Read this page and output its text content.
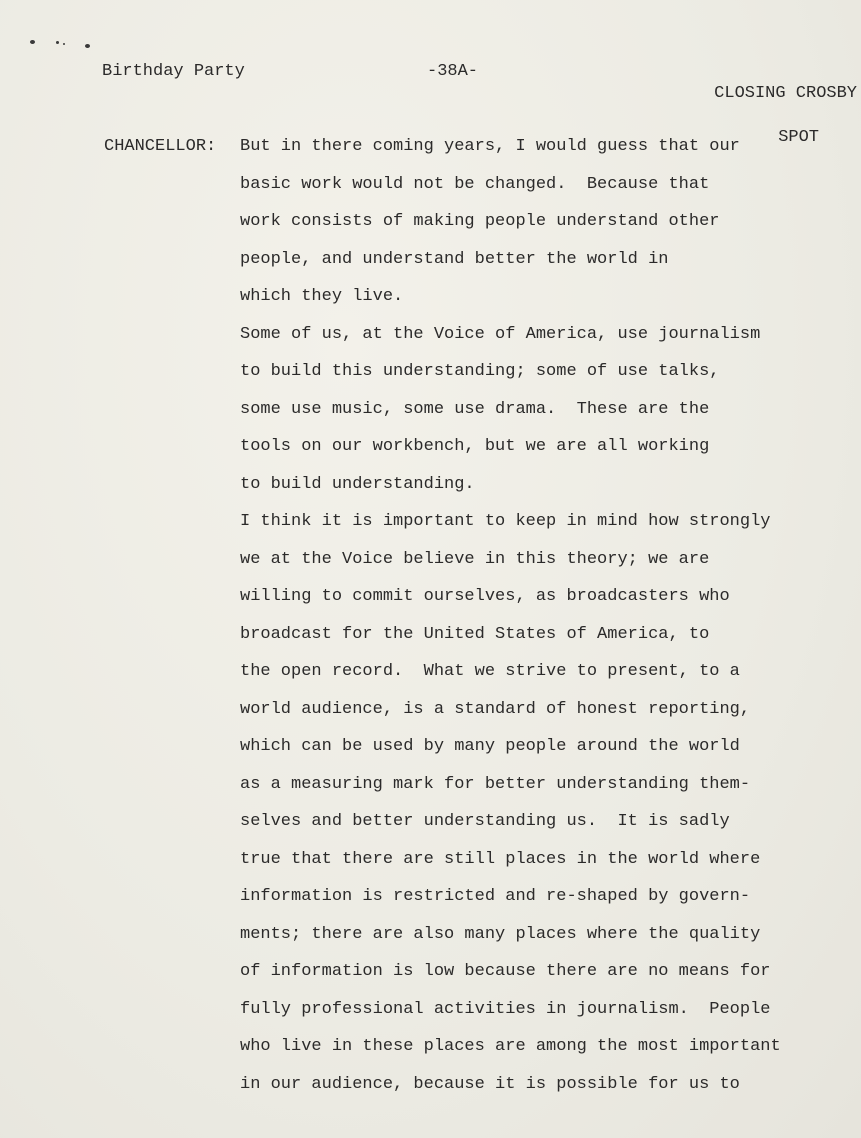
Birthday Party	-38A-

CLOSING CROSBY

SPOT

CHANCELLOR: But in there coming years, I would guess that our
basic work would not be changed.  Because that
work consists of making people understand other
people, and understand better the world in
which they live.
Some of us, at the Voice of America, use journalism
to build this understanding; some of use talks,
some use music, some use drama.  These are the
tools on our workbench, but we are all working
to build understanding.
I think it is important to keep in mind how strongly
we at the Voice believe in this theory; we are
willing to commit ourselves, as broadcasters who
broadcast for the United States of America, to
the open record.  What we strive to present, to a
world audience, is a standard of honest reporting,
which can be used by many people around the world
as a measuring mark for better understanding them-
selves and better understanding us.  It is sadly
true that there are still places in the world where
information is restricted and re-shaped by govern-
ments; there are also many places where the quality
of information is low because there are no means for
fully professional activities in journalism.  People
who live in these places are among the most important
in our audience, because it is possible for us to
